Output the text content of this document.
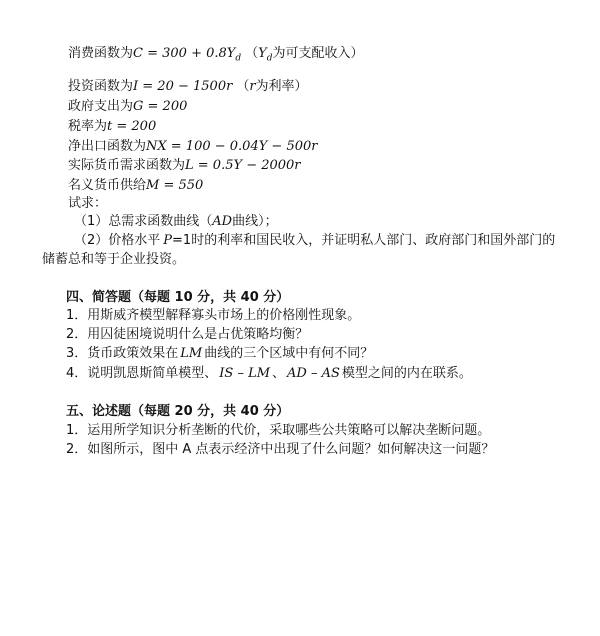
消费函数为$C = 300 + 0.8Y_d$ （$Y_d$为可支配收入）
投资函数为I = 20 − 1500r （r为利率）
政府支出为G = 200
税率为t = 200
净出口函数为NX = 100 − 0.04Y − 500r
实际货币需求函数为L = 0.5Y − 2000r
名义货币供给M = 550
试求：
（1）总需求函数曲线（AD曲线）；
（2）价格水平 P=1时的利率和国民收入，并证明私人部门、政府部门和国外部门的
储蓄总和等于企业投资。
四、简答题（每题 10 分，共 40 分）
1．用斯威齐模型解释寡头市场上的价格刚性现象。
2．用囚徒困境说明什么是占优策略均衡？
3．货币政策效果在 LM 曲线的三个区域中有何不同？
4．说明凯恩斯简单模型、 IS – LM 、 AD – AS 模型之间的内在联系。
五、论述题（每题 20 分，共 40 分）
1．运用所学知识分析垄断的代价，采取哪些公共策略可以解决垄断问题。
2．如图所示，图中 A 点表示经济中出现了什么问题？如何解决这一问题？
